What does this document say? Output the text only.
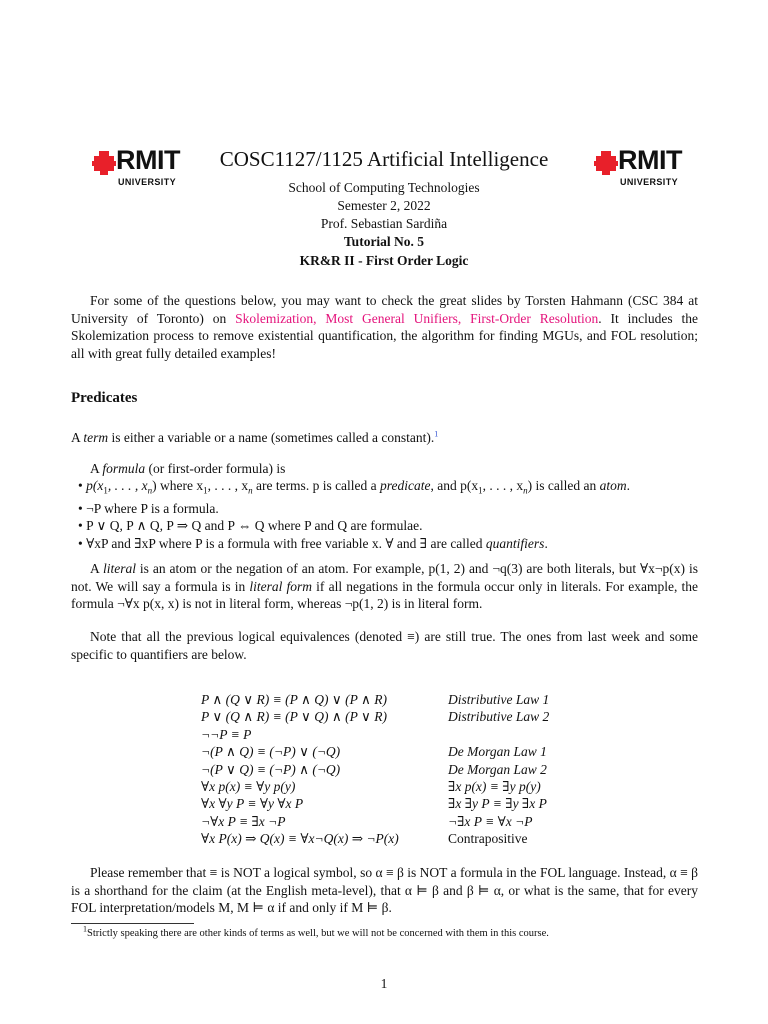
RMIT
UNIVERSITY
RMIT
UNIVERSITY
COSC1127/1125 Artificial Intelligence
School of Computing Technologies
Semester 2, 2022
Prof. Sebastian Sardiña
Tutorial No. 5
KR&R II - First Order Logic
For some of the questions below, you may want to check the great slides by Torsten Hahmann (CSC 384 at University of Toronto) on Skolemization, Most General Unifiers, First-Order Resolution. It includes the Skolemization process to remove existential quantification, the algorithm for finding MGUs, and FOL resolution; all with great fully detailed examples!
Predicates
A term is either a variable or a name (sometimes called a constant).$^1$
A formula (or first-order formula) is
• $p(x_1$, . . . , $x_n$) where $x_1$, . . . , $x_n$ are terms. p is called a predicate, and $p(x_1$, . . . , $x_n$) is called an atom.
• ¬P where P is a formula.
• P ∨ Q, P ∧ Q, P ⇒ Q and P ⇔ Q where P and Q are formulae.
• ∀xP and ∃xP where P is a formula with free variable x. ∀ and ∃ are called quantifiers.
A literal is an atom or the negation of an atom. For example, p(1, 2) and ¬q(3) are both literals, but ∀x¬p(x) is not. We will say a formula is in literal form if all negations in the formula occur only in literals. For example, the formula ¬∀x p(x, x) is not in literal form, whereas ¬p(1, 2) is in literal form.
Note that all the previous logical equivalences (denoted ≡) are still true. The ones from last week and some specific to quantifiers are below.
P ∧ (Q ∨ R) ≡ (P ∧ Q) ∨ (P ∧ R)	Distributive Law 1
P ∨ (Q ∧ R) ≡ (P ∨ Q) ∧ (P ∨ R)	Distributive Law 2
¬¬P ≡ P
¬(P ∧ Q) ≡ (¬P) ∨ (¬Q)	De Morgan Law 1
¬(P ∨ Q) ≡ (¬P) ∧ (¬Q)	De Morgan Law 2
∀x p(x) ≡ ∀y p(y)	∃x p(x) ≡ ∃y p(y)
∀x ∀y P ≡ ∀y ∀x P	∃x ∃y P ≡ ∃y ∃x P
¬∀x P ≡ ∃x ¬P	¬∃x P ≡ ∀x ¬P
∀x P(x) ⇒ Q(x) ≡ ∀x¬Q(x) ⇒ ¬P(x)	Contrapositive
Please remember that ≡ is NOT a logical symbol, so α ≡ β is NOT a formula in the FOL language. Instead, α ≡ β is a shorthand for the claim (at the English meta-level), that α ⊨ β and β ⊨ α, or what is the same, that for every FOL interpretation/models M, M ⊨ α if and only if M ⊨ β.
$^1$Strictly speaking there are other kinds of terms as well, but we will not be concerned with them in this course.
1
